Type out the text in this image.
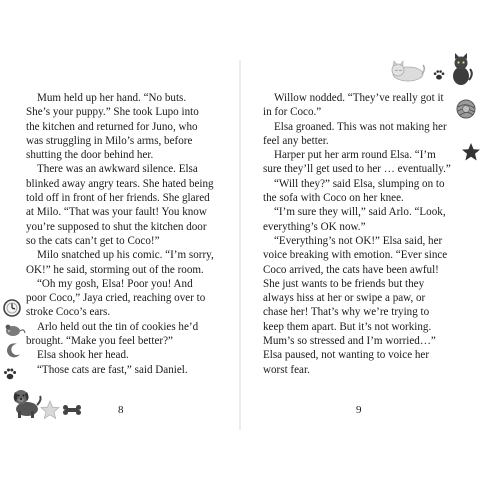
Mum held up her hand. “No buts.
She’s your puppy.” She took Lupo into
the kitchen and returned for Juno, who
was struggling in Milo’s arms, before
shutting the door behind her.
There was an awkward silence. Elsa
blinked away angry tears. She hated being
told off in front of her friends. She glared
at Milo. “That was your fault! You know
you’re supposed to shut the kitchen door
so the cats can’t get to Coco!”
Milo snatched up his comic. “I’m sorry,
OK!” he said, storming out of the room.
“Oh my gosh, Elsa! Poor you! And
poor Coco,” Jaya cried, reaching over to
stroke Coco’s ears.
Arlo held out the tin of cookies he’d
brought. “Make you feel better?”
Elsa shook her head.
“Those cats are fast,” said Daniel.
8
Willow nodded. “They’ve really got it
in for Coco.”
Elsa groaned. This was not making her
feel any better.
Harper put her arm round Elsa. “I’m
sure they’ll get used to her … eventually.”
“Will they?” said Elsa, slumping on to
the sofa with Coco on her knee.
“I’m sure they will,” said Arlo. “Look,
everything’s OK now.”
“Everything’s not OK!” Elsa said, her
voice breaking with emotion. “Ever since
Coco arrived, the cats have been awful!
She just wants to be friends but they
always hiss at her or swipe a paw, or
chase her! That’s why we’re trying to
keep them apart. But it’s not working.
Mum’s so stressed and I’m worried…”
Elsa paused, not wanting to voice her
worst fear.
9
